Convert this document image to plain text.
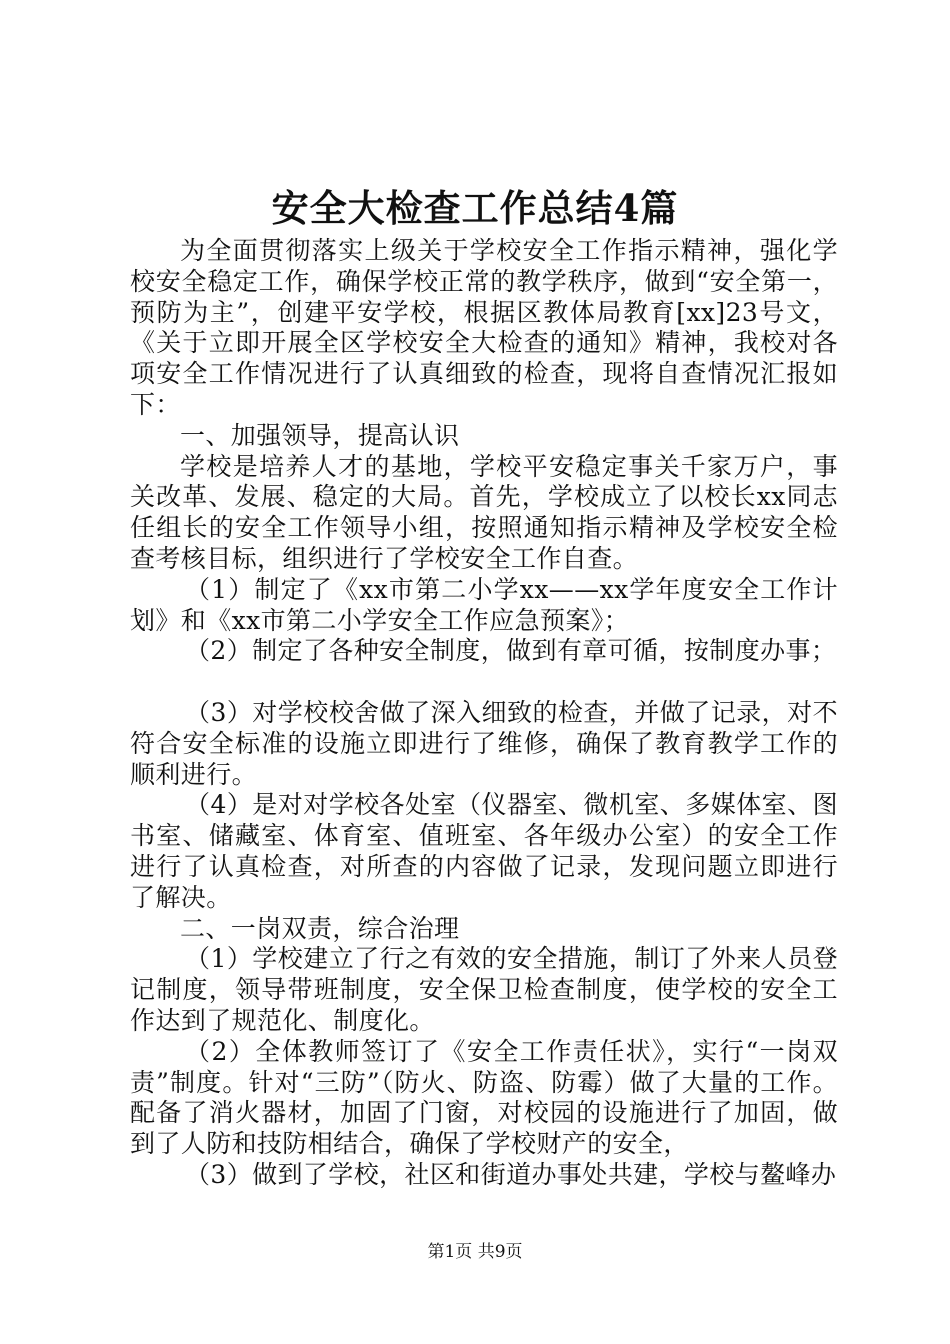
安全大检查工作总结4篇

为全面贯彻落实上级关于学校安全工作指示精神，强化学校安全稳定工作，确保学校正常的教学秩序，做到“安全第一，预防为主”，创建平安学校，根据区教体局教育[xx]23号文，《关于立即开展全区学校安全大检查的通知》精神，我校对各项安全工作情况进行了认真细致的检查，现将自查情况汇报如下：

一、加强领导，提高认识

学校是培养人才的基地，学校平安稳定事关千家万户，事关改革、发展、稳定的大局。首先，学校成立了以校长xx同志任组长的安全工作领导小组，按照通知指示精神及学校安全检查考核目标，组织进行了学校安全工作自查。

（1）制定了《xx市第二小学xx——xx学年度安全工作计划》和《xx市第二小学安全工作应急预案》；

（2）制定了各种安全制度，做到有章可循，按制度办事；

（3）对学校校舍做了深入细致的检查，并做了记录，对不符合安全标准的设施立即进行了维修，确保了教育教学工作的顺利进行。

（4）是对对学校各处室（仪器室、微机室、多媒体室、图书室、储藏室、体育室、值班室、各年级办公室）的安全工作进行了认真检查，对所查的内容做了记录，发现问题立即进行了解决。

二、一岗双责，综合治理

（1）学校建立了行之有效的安全措施，制订了外来人员登记制度，领导带班制度，安全保卫检查制度，使学校的安全工作达到了规范化、制度化。

（2）全体教师签订了《安全工作责任状》，实行“一岗双责”制度。针对“三防”（防火、防盗、防霉）做了大量的工作。配备了消火器材，加固了门窗，对校园的设施进行了加固，做到了人防和技防相结合，确保了学校财产的安全，

（3）做到了学校，社区和街道办事处共建，学校与鳌峰办

第1页 共9页
